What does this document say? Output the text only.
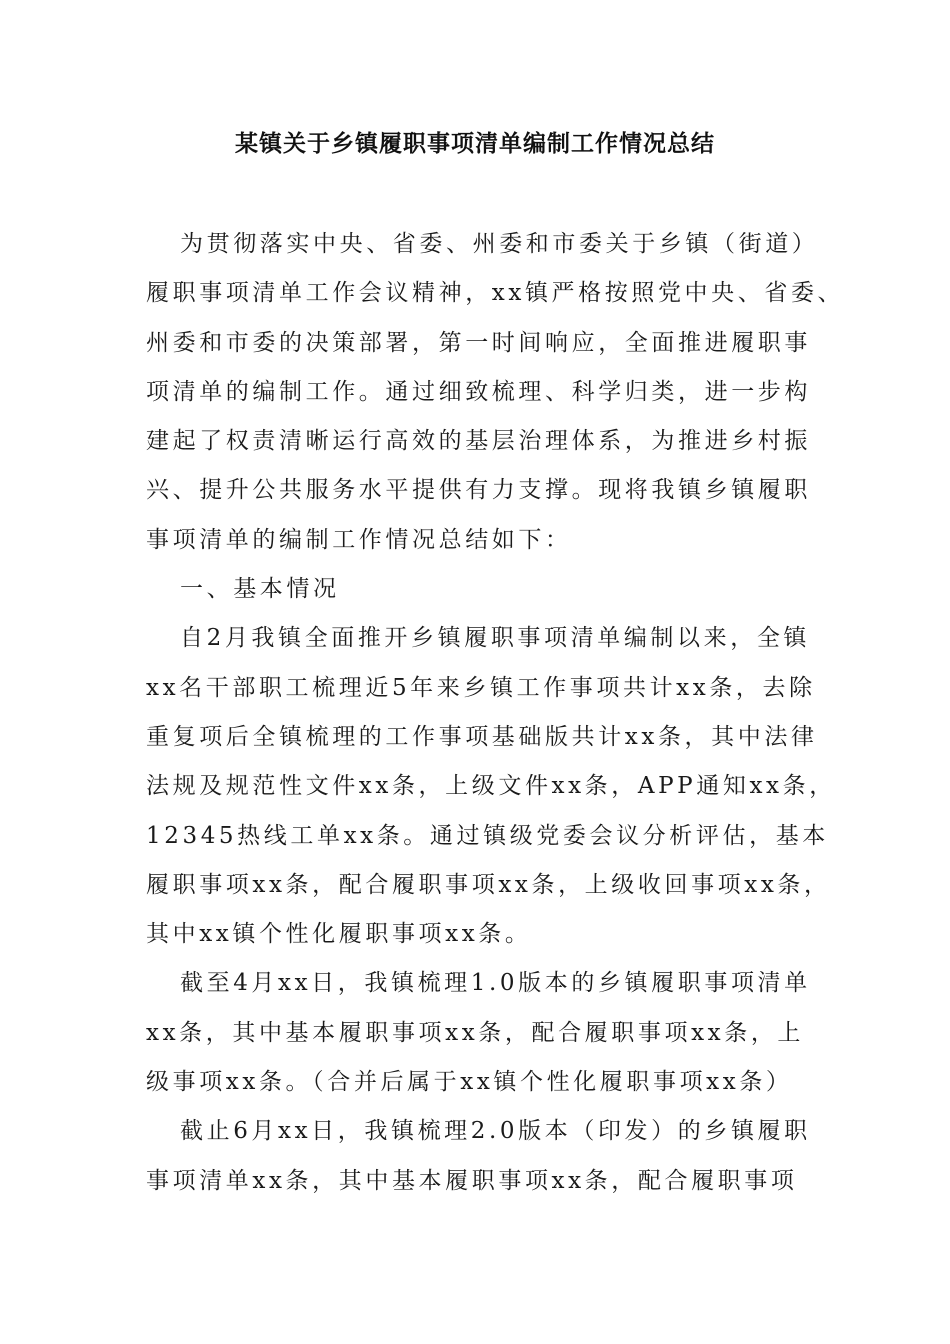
某镇关于乡镇履职事项清单编制工作情况总结
为贯彻落实中央、省委、州委和市委关于乡镇（街道）
履职事项清单工作会议精神，xx镇严格按照党中央、省委、
州委和市委的决策部署，第一时间响应，全面推进履职事
项清单的编制工作。通过细致梳理、科学归类，进一步构
建起了权责清晰运行高效的基层治理体系，为推进乡村振
兴、提升公共服务水平提供有力支撑。现将我镇乡镇履职
事项清单的编制工作情况总结如下：
一、基本情况
自2月我镇全面推开乡镇履职事项清单编制以来，全镇
xx名干部职工梳理近5年来乡镇工作事项共计xx条，去除
重复项后全镇梳理的工作事项基础版共计xx条，其中法律
法规及规范性文件xx条，上级文件xx条，APP通知xx条，
12345热线工单xx条。通过镇级党委会议分析评估，基本
履职事项xx条，配合履职事项xx条，上级收回事项xx条，
其中xx镇个性化履职事项xx条。
截至4月xx日，我镇梳理1.0版本的乡镇履职事项清单
xx条，其中基本履职事项xx条，配合履职事项xx条，上
级事项xx条。（合并后属于xx镇个性化履职事项xx条）
截止6月xx日，我镇梳理2.0版本（印发）的乡镇履职
事项清单xx条，其中基本履职事项xx条，配合履职事项
